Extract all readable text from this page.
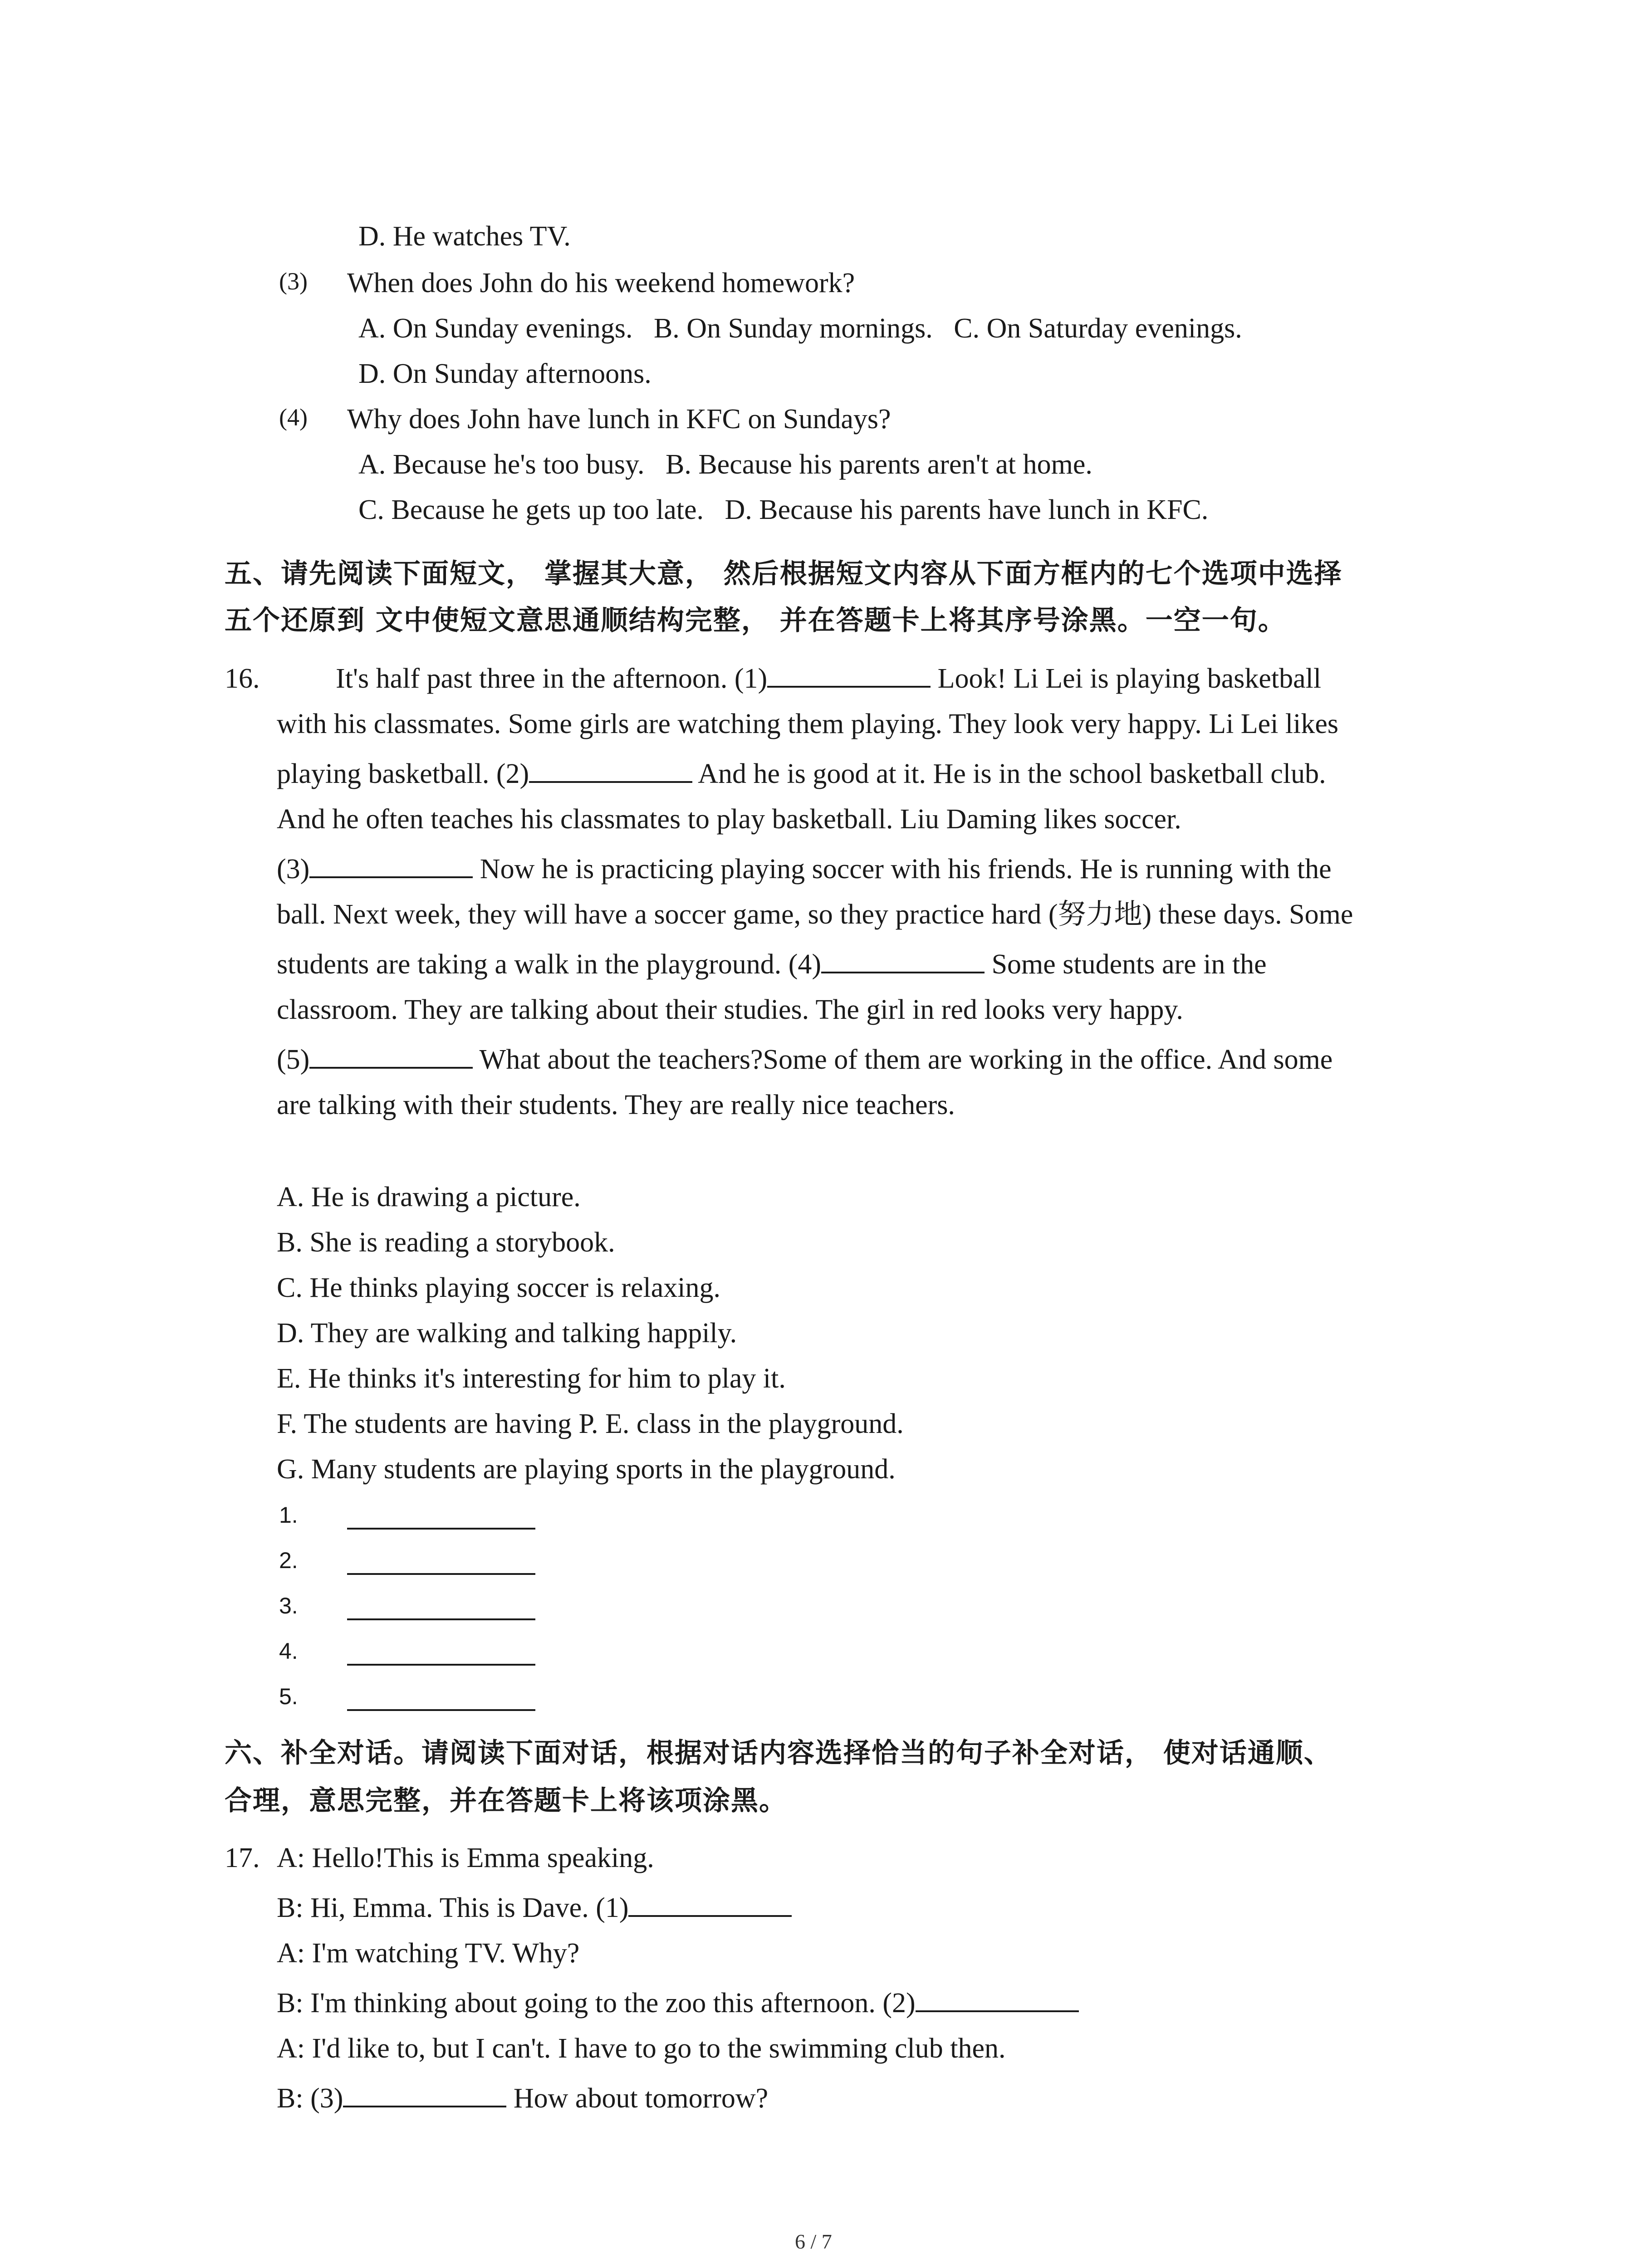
D. He watches TV.
(3) When does John do his weekend homework?
A. On Sunday evenings.   B. On Sunday mornings.   C. On Saturday evenings.
D. On Sunday afternoons.
(4) Why does John have lunch in KFC on Sundays?
A. Because he's too busy.   B. Because his parents aren't at home.
C. Because he gets up too late.   D. Because his parents have lunch in KFC.
五、请先阅读下面短文， 掌握其大意， 然后根据短文内容从下面方框内的七个选项中选择
五个还原到 文中使短文意思通顺结构完整， 并在答题卡上将其序号涂黑。一空一句。
16.	It's half past three in the afternoon. (1)	Look! Li Lei is playing basketball
with his classmates. Some girls are watching them playing. They look very happy. Li Lei likes
playing basketball. (2)	And he is good at it. He is in the school basketball club.
And he often teaches his classmates to play basketball. Liu Daming likes soccer.
(3)	Now he is practicing playing soccer with his friends. He is running with the
ball. Next week, they will have a soccer game, so they practice hard (努力地) these days. Some
students are taking a walk in the playground. (4)	Some students are in the
classroom. They are talking about their studies. The girl in red looks very happy.
(5)	What about the teachers?Some of them are working in the office. And some
are talking with their students. They are really nice teachers.
A. He is drawing a picture.
B. She is reading a storybook.
C. He thinks playing soccer is relaxing.
D. They are walking and talking happily.
E. He thinks it's interesting for him to play it.
F. The students are having P. E. class in the playground.
G. Many students are playing sports in the playground.
1.
2.
3.
4.
5.
六、补全对话。请阅读下面对话，根据对话内容选择恰当的句子补全对话， 使对话通顺、
合理，意思完整，并在答题卡上将该项涂黑。
17. A: Hello!This is Emma speaking.
B: Hi, Emma. This is Dave. (1)
A: I'm watching TV. Why?
B: I'm thinking about going to the zoo this afternoon. (2)
A: I'd like to, but I can't. I have to go to the swimming club then.
B: (3)	How about tomorrow?
6 / 7
